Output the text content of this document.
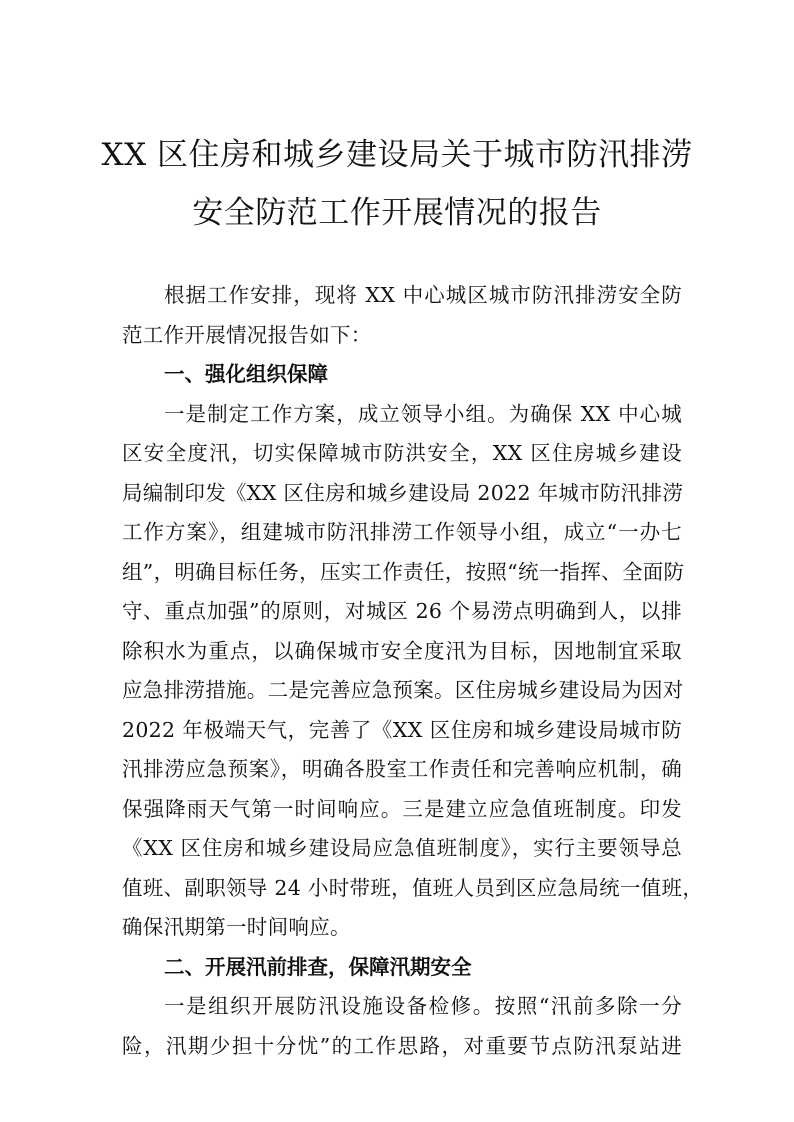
XX 区住房和城乡建设局关于城市防汛排涝
安全防范工作开展情况的报告
根据工作安排，现将 XX 中心城区城市防汛排涝安全防
范工作开展情况报告如下：
一、强化组织保障
一是制定工作方案，成立领导小组。为确保 XX 中心城
区安全度汛，切实保障城市防洪安全，XX 区住房城乡建设
局编制印发《XX 区住房和城乡建设局 2022 年城市防汛排涝
工作方案》，组建城市防汛排涝工作领导小组，成立“一办七
组”，明确目标任务，压实工作责任，按照“统一指挥、全面防
守、重点加强”的原则，对城区 26 个易涝点明确到人，以排
除积水为重点，以确保城市安全度汛为目标，因地制宜采取
应急排涝措施。二是完善应急预案。区住房城乡建设局为因对
2022 年极端天气，完善了《XX 区住房和城乡建设局城市防
汛排涝应急预案》，明确各股室工作责任和完善响应机制，确
保强降雨天气第一时间响应。三是建立应急值班制度。印发
《XX 区住房和城乡建设局应急值班制度》，实行主要领导总
值班、副职领导 24 小时带班，值班人员到区应急局统一值班，
确保汛期第一时间响应。
二、开展汛前排查，保障汛期安全
一是组织开展防汛设施设备检修。按照“汛前多除一分
险，汛期少担十分忧”的工作思路，对重要节点防汛泵站进
